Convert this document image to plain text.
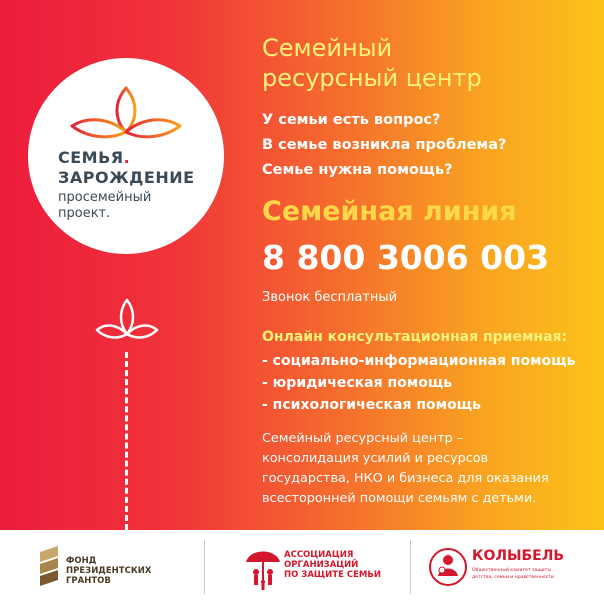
СЕМЬЯ.
ЗАРОЖДЕНИЕ
просемейный
проект.
Семейный
ресурсный центр
У семьи есть вопрос?
В семье возникла проблема?
Семье нужна помощь?
Семейная линия
8 800 3006 003
Звонок бесплатный
Онлайн консультационная приемная:
- социально-информационная помощь
- юридическая помощь
- психологическая помощь
Семейный ресурсный центр –
консолидация усилий и ресурсов
государства, НКО и бизнеса для оказания
всесторонней помощи семьям с детьми.
ФОНД
ПРЕЗИДЕНТСКИХ
ГРАНТОВ
АССОЦИАЦИЯ
ОРГАНИЗАЦИЙ
ПО ЗАЩИТЕ СЕМЬИ
КОЛЫБЕЛЬ
Общественный комитет защиты
детства, семьи и нравственности
